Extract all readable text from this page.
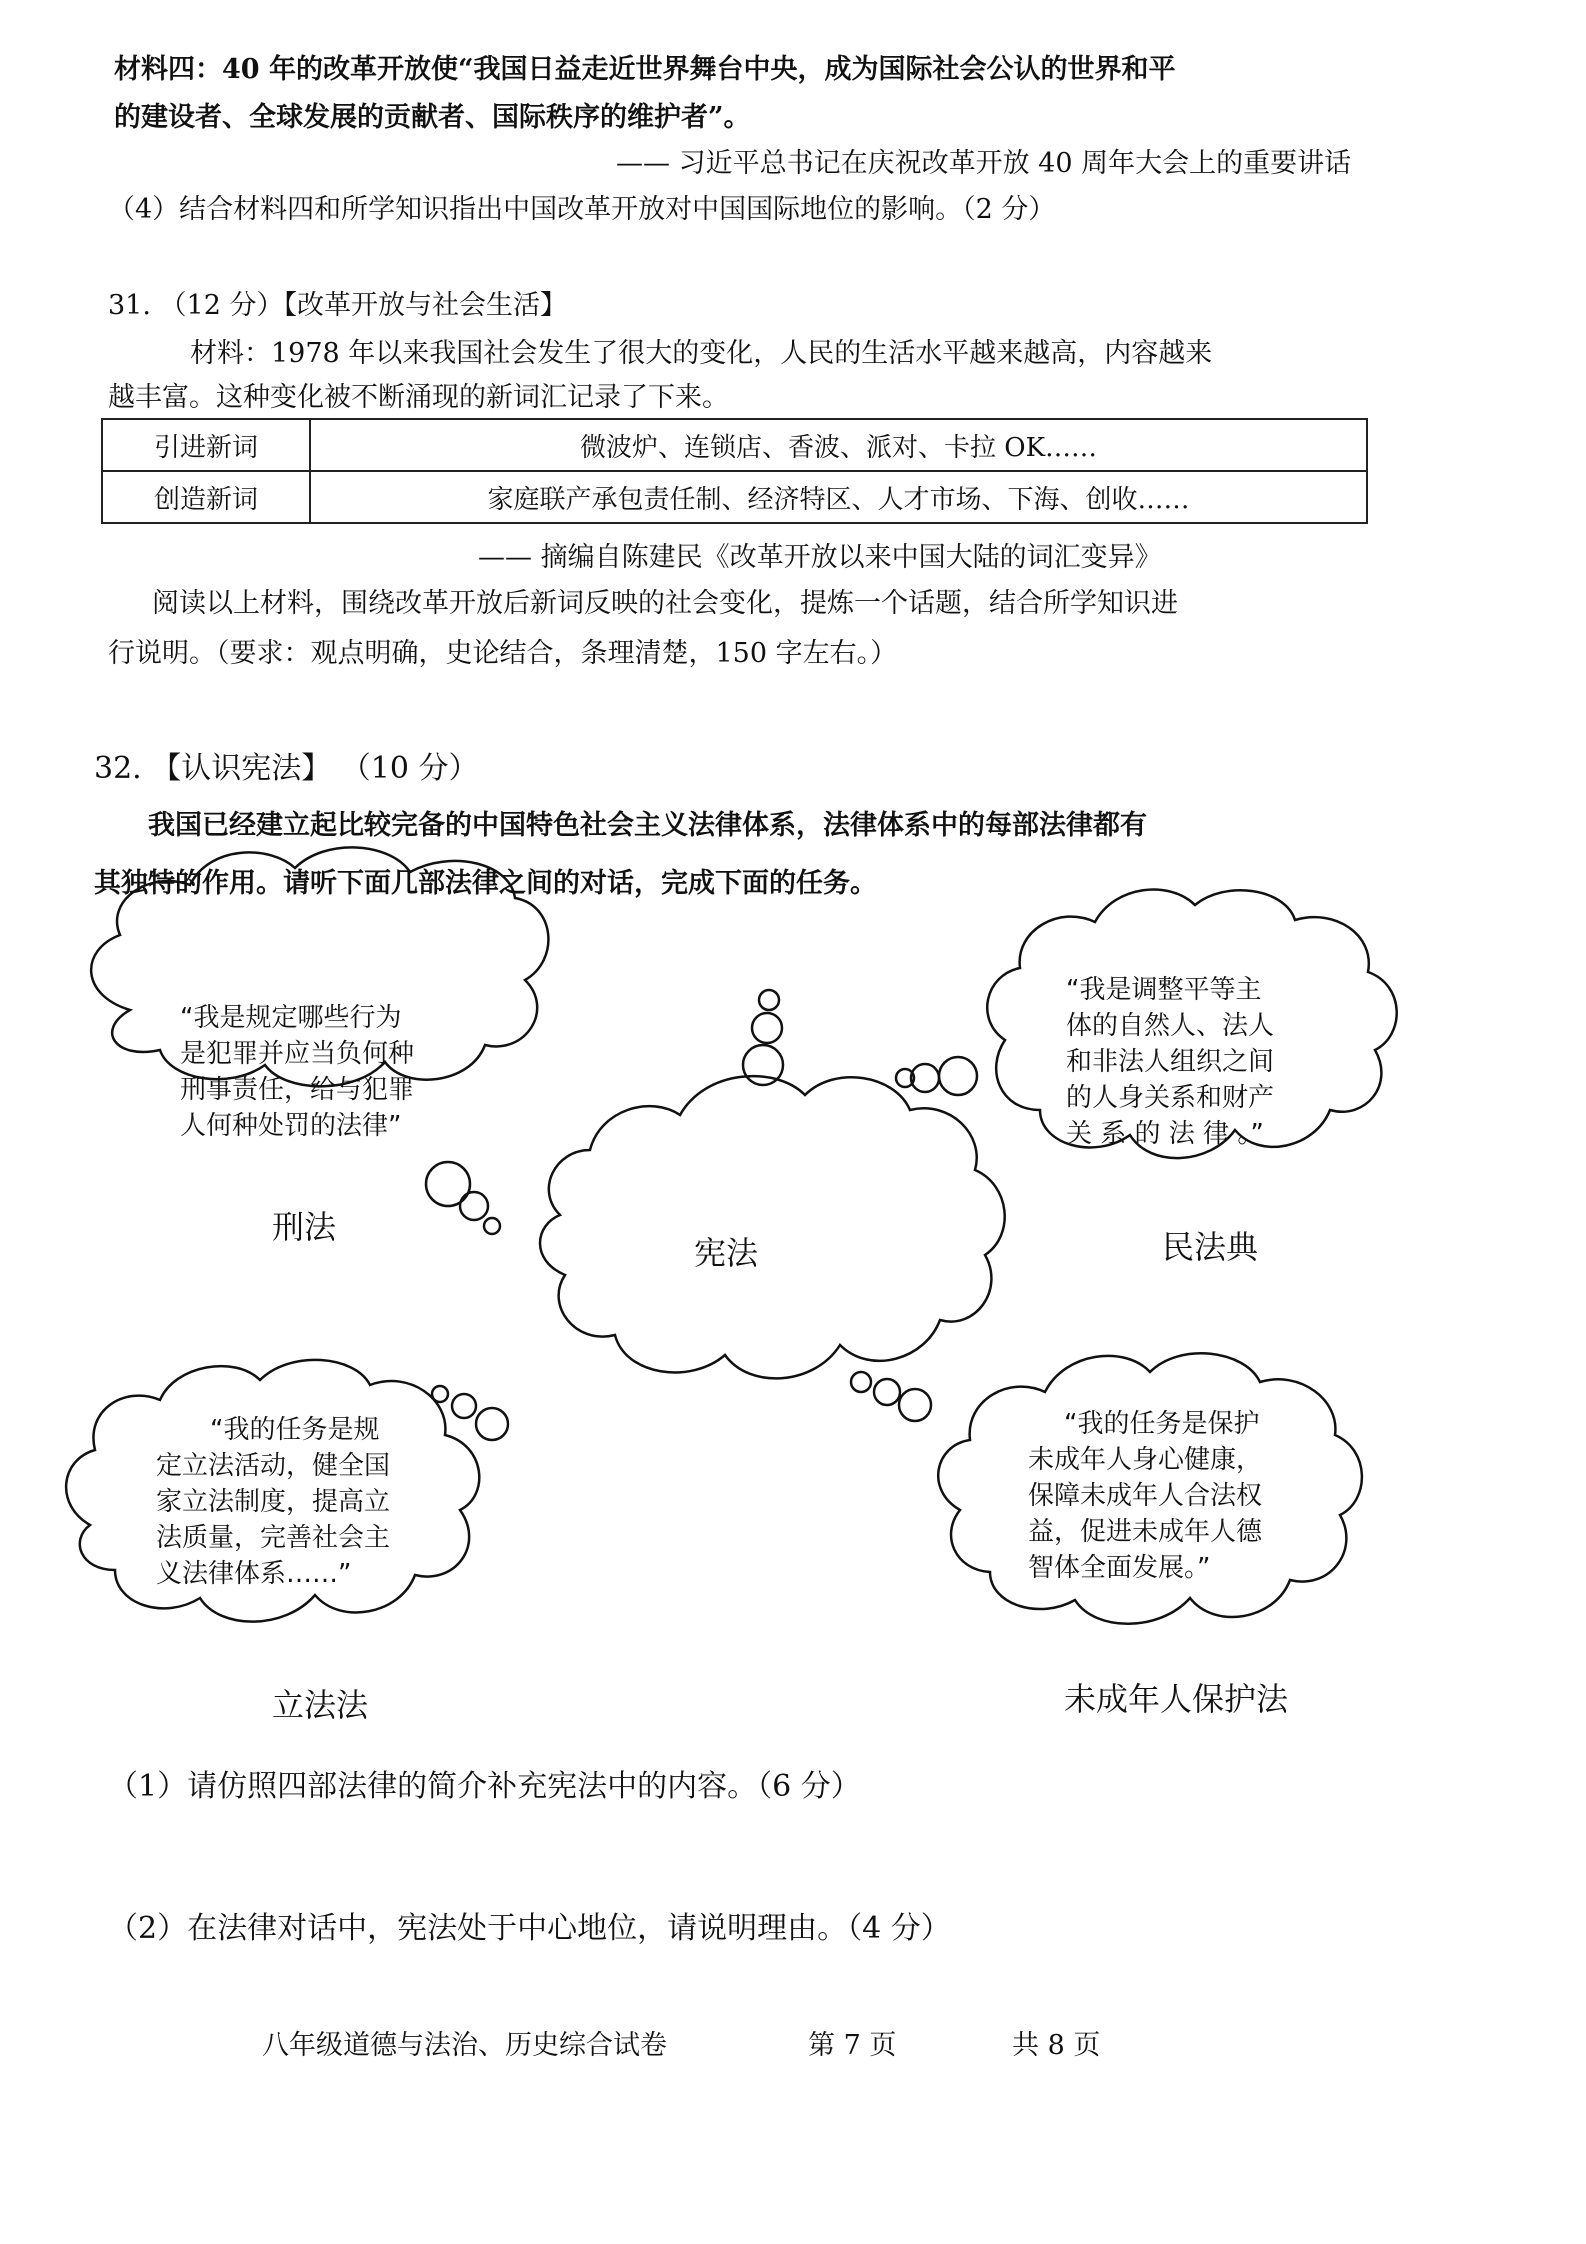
材料四：40 年的改革开放使“我国日益走近世界舞台中央，成为国际社会公认的世界和平
的建设者、全球发展的贡献者、国际秩序的维护者”。
—— 习近平总书记在庆祝改革开放 40 周年大会上的重要讲话
（4）结合材料四和所学知识指出中国改革开放对中国国际地位的影响。（2 分）
31. （12 分）【改革开放与社会生活】
材料：1978 年以来我国社会发生了很大的变化，人民的生活水平越来越高，内容越来
越丰富。这种变化被不断涌现的新词汇记录了下来。
引进新词	微波炉、连锁店、香波、派对、卡拉 OK……
创造新词	家庭联产承包责任制、经济特区、人才市场、下海、创收……
—— 摘编自陈建民《改革开放以来中国大陆的词汇变异》
阅读以上材料，围绕改革开放后新词反映的社会变化，提炼一个话题，结合所学知识进
行说明。（要求：观点明确，史论结合，条理清楚，150 字左右。）
32. 【认识宪法】 （10 分）
我国已经建立起比较完备的中国特色社会主义法律体系，法律体系中的每部法律都有
其独特的作用。请听下面几部法律之间的对话，完成下面的任务。
“我是规定哪些行为
是犯罪并应当负何种
刑事责任，给与犯罪
人何种处罚的法律”
刑法
宪法
“我是调整平等主
体的自然人、法人
和非法人组织之间
的人身关系和财产
关 系 的 法 律 。”
民法典
“我的任务是规
定立法活动，健全国
家立法制度，提高立
法质量，完善社会主
义法律体系……”
立法法
“我的任务是保护
未成年人身心健康，
保障未成年人合法权
益，促进未成年人德
智体全面发展。”
未成年人保护法
（1）请仿照四部法律的简介补充宪法中的内容。（6 分）
（2）在法律对话中，宪法处于中心地位，请说明理由。（4 分）
八年级道德与法治、历史综合试卷	第 7 页	共 8 页
